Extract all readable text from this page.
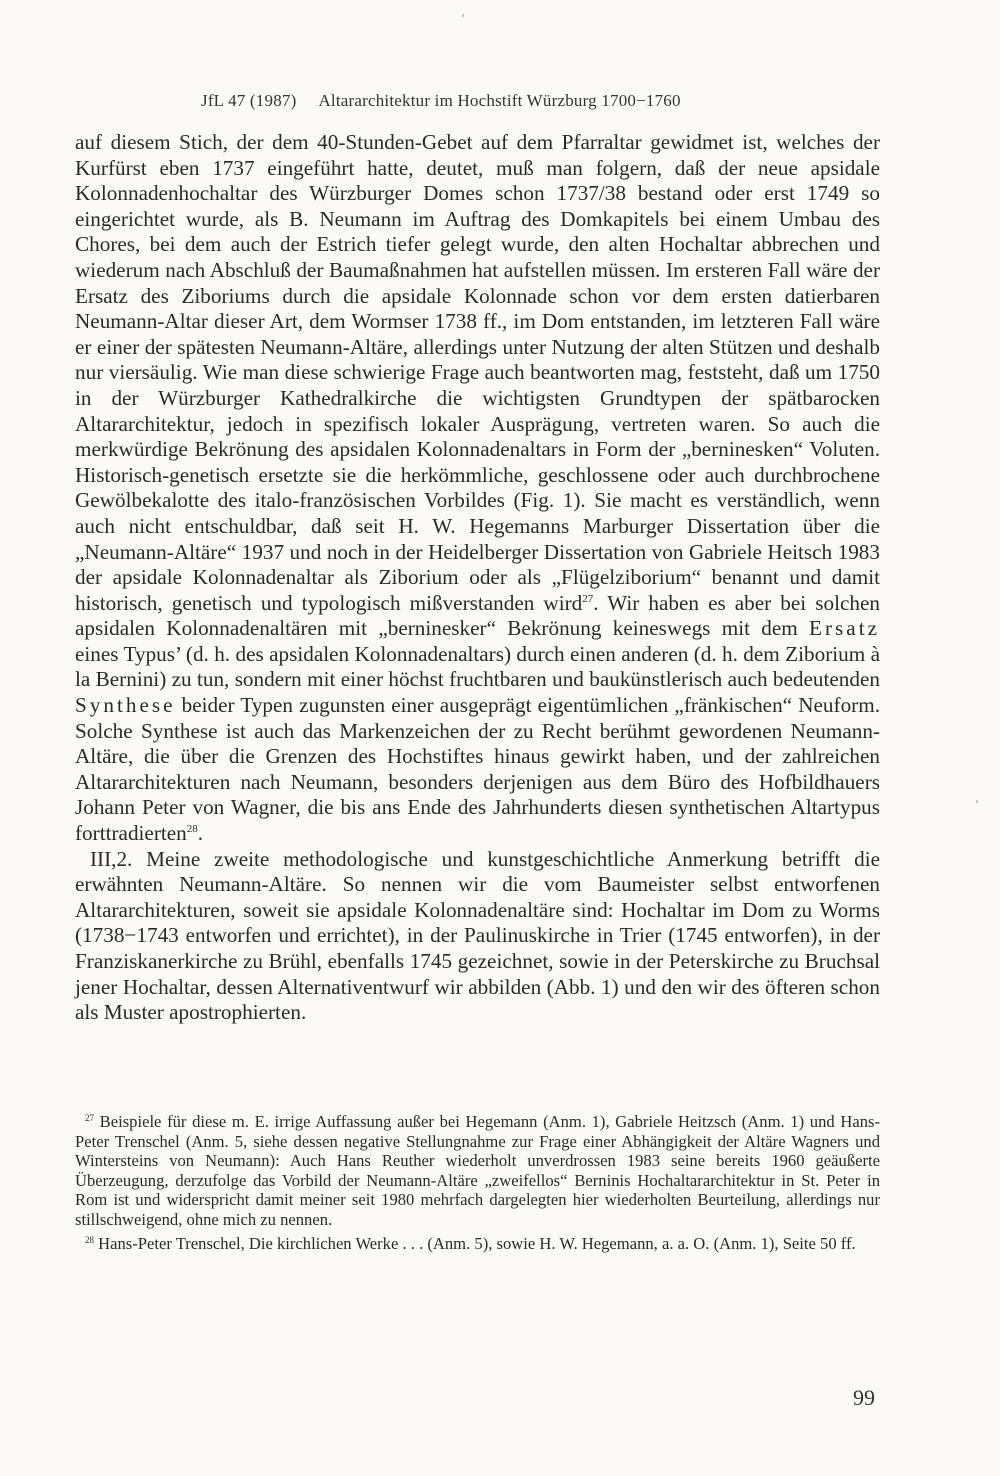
JfL 47 (1987) Altararchitektur im Hochstift Würzburg 1700−1760

auf diesem Stich, der dem 40-Stunden-Gebet auf dem Pfarraltar gewidmet ist, welches der Kurfürst eben 1737 eingeführt hatte, deutet, muß man folgern, daß der neue apsidale Kolonnadenhochaltar des Würzburger Domes schon 1737/38 bestand oder erst 1749 so eingerichtet wurde, als B. Neumann im Auftrag des Domkapitels bei einem Umbau des Chores, bei dem auch der Estrich tiefer gelegt wurde, den alten Hochaltar abbrechen und wiederum nach Abschluß der Baumaßnahmen hat aufstellen müssen. Im ersteren Fall wäre der Ersatz des Ziboriums durch die apsidale Kolonnade schon vor dem ersten datierbaren Neumann-Altar dieser Art, dem Wormser 1738 ff., im Dom entstanden, im letzteren Fall wäre er einer der spätesten Neumann-Altäre, allerdings unter Nutzung der alten Stützen und deshalb nur viersäulig. Wie man diese schwierige Frage auch beantworten mag, feststeht, daß um 1750 in der Würzburger Kathedralkirche die wichtigsten Grundtypen der spätbarocken Altararchitektur, jedoch in spezifisch lokaler Ausprägung, vertreten waren. So auch die merkwürdige Bekrönung des apsidalen Kolonnadenaltars in Form der „berninesken“ Voluten. Historisch-genetisch ersetzte sie die herkömmliche, geschlossene oder auch durchbrochene Gewölbekalotte des italo-französischen Vorbildes (Fig. 1). Sie macht es verständlich, wenn auch nicht entschuldbar, daß seit H. W. Hegemanns Marburger Dissertation über die „Neumann-Altäre“ 1937 und noch in der Heidelberger Dissertation von Gabriele Heitsch 1983 der apsidale Kolonnadenaltar als Ziborium oder als „Flügelziborium“ benannt und damit historisch, genetisch und typologisch mißverstanden wird$^{27}$. Wir haben es aber bei solchen apsidalen Kolonnadenaltären mit „berninesker“ Bekrönung keineswegs mit dem Ersatz eines Typus’ (d. h. des apsidalen Kolonnadenaltars) durch einen anderen (d. h. dem Ziborium à la Bernini) zu tun, sondern mit einer höchst fruchtbaren und baukünstlerisch auch bedeutenden Synthese beider Typen zugunsten einer ausgeprägt eigentümlichen „fränkischen“ Neuform. Solche Synthese ist auch das Markenzeichen der zu Recht berühmt gewordenen Neumann-Altäre, die über die Grenzen des Hochstiftes hinaus gewirkt haben, und der zahlreichen Altararchitekturen nach Neumann, besonders derjenigen aus dem Büro des Hofbildhauers Johann Peter von Wagner, die bis ans Ende des Jahrhunderts diesen synthetischen Altartypus forttradierten$^{28}$.

III,2. Meine zweite methodologische und kunstgeschichtliche Anmerkung betrifft die erwähnten Neumann-Altäre. So nennen wir die vom Baumeister selbst entworfenen Altararchitekturen, soweit sie apsidale Kolonnadenaltäre sind: Hochaltar im Dom zu Worms (1738−1743 entworfen und errichtet), in der Paulinuskirche in Trier (1745 entworfen), in der Franziskanerkirche zu Brühl, ebenfalls 1745 gezeichnet, sowie in der Peterskirche zu Bruchsal jener Hochaltar, dessen Alternativentwurf wir abbilden (Abb. 1) und den wir des öfteren schon als Muster apostrophierten.

$^{27}$ Beispiele für diese m. E. irrige Auffassung außer bei Hegemann (Anm. 1), Gabriele Heitzsch (Anm. 1) und Hans-Peter Trenschel (Anm. 5, siehe dessen negative Stellungnahme zur Frage einer Abhängigkeit der Altäre Wagners und Wintersteins von Neumann): Auch Hans Reuther wiederholt unverdrossen 1983 seine bereits 1960 geäußerte Überzeugung, derzufolge das Vorbild der Neumann-Altäre „zweifellos“ Berninis Hochaltararchitektur in St. Peter in Rom ist und widerspricht damit meiner seit 1980 mehrfach dargelegten hier wiederholten Beurteilung, allerdings nur stillschweigend, ohne mich zu nennen.

$^{28}$ Hans-Peter Trenschel, Die kirchlichen Werke . . . (Anm. 5), sowie H. W. Hegemann, a. a. O. (Anm. 1), Seite 50 ff.

99
